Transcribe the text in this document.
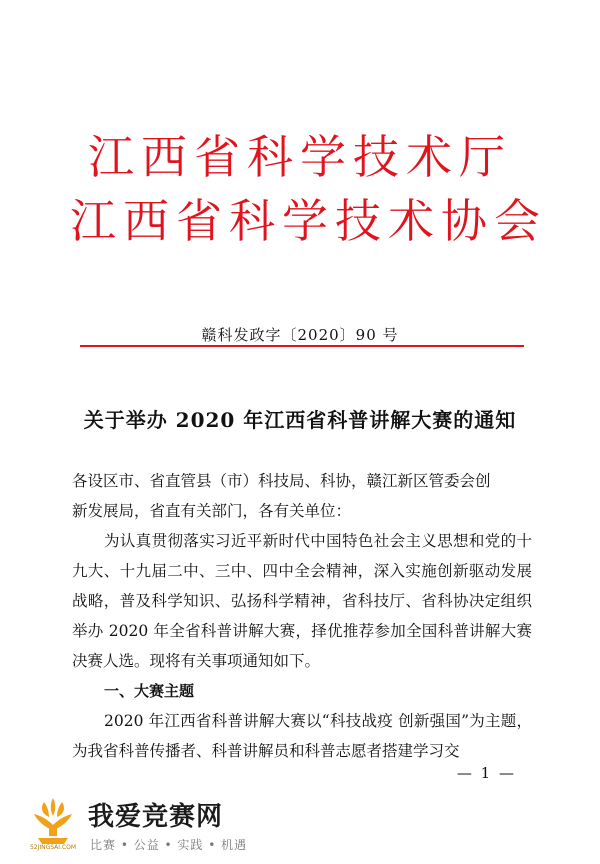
江西省科学技术厅
江西省科学技术协会
赣科发政字〔2020〕90 号
关于举办 2020 年江西省科普讲解大赛的通知

各设区市、省直管县（市）科技局、科协，赣江新区管委会创

新发展局，省直有关部门，各有关单位：

为认真贯彻落实习近平新时代中国特色社会主义思想和党的十九大、十九届二中、三中、四中全会精神，深入实施创新驱动发展战略，普及科学知识、弘扬科学精神，省科技厅、省科协决定组织举办 2020 年全省科普讲解大赛，择优推荐参加全国科普讲解大赛决赛人选。现将有关事项通知如下。

一、大赛主题

2020 年江西省科普讲解大赛以“科技战疫 创新强国”为主题，为我省科普传播者、科普讲解员和科普志愿者搭建学习交

— 1 —
我爱竞赛网
比赛 • 公益 • 实践 • 机遇
52JINGSAI.COM
